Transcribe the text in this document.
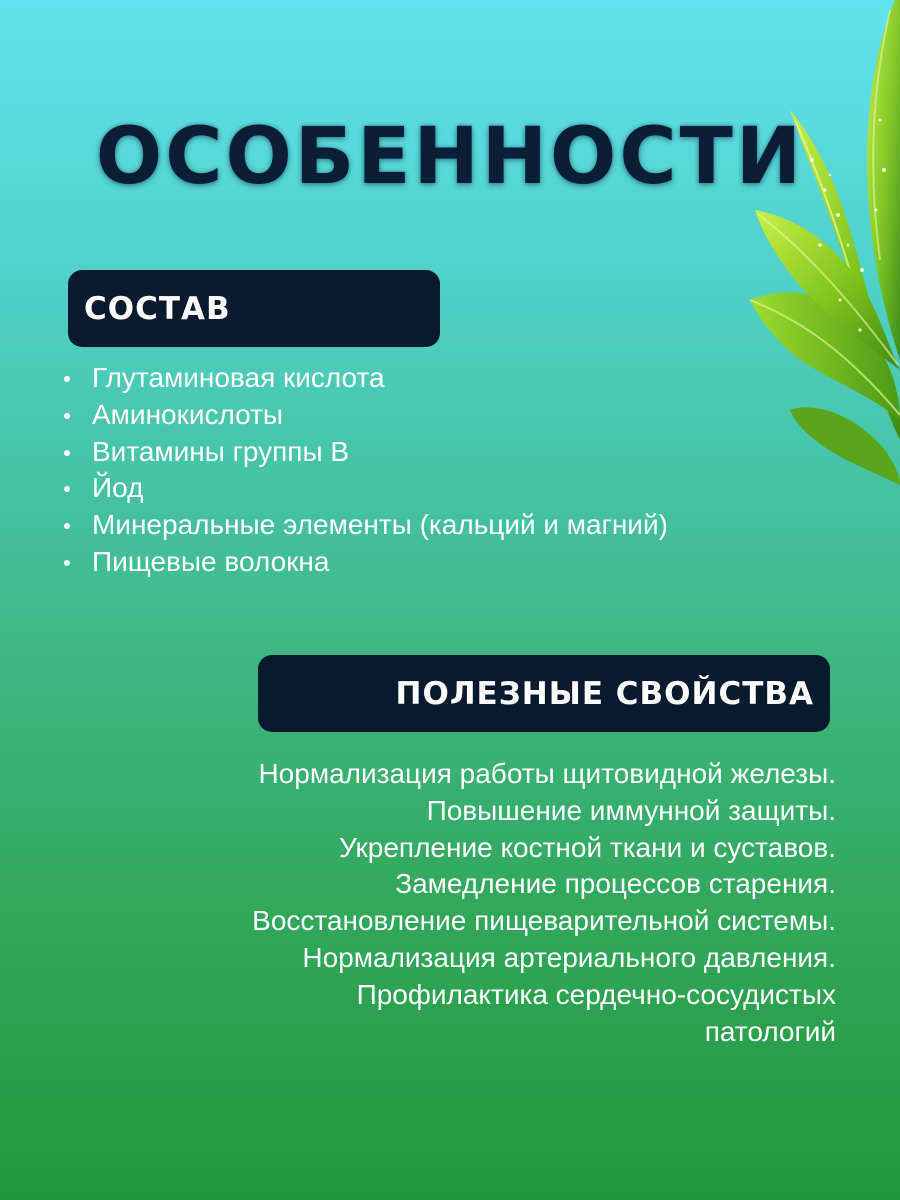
ОСОБЕННОСТИ
СОСТАВ
Глутаминовая кислота
Аминокислоты
Витамины группы В
Йод
Минеральные элементы (кальций и магний)
Пищевые волокна
ПОЛЕЗНЫЕ СВОЙСТВА
Нормализация работы щитовидной железы.
Повышение иммунной защиты.
Укрепление костной ткани и суставов.
Замедление процессов старения.
Восстановление пищеварительной системы.
Нормализация артериального давления.
Профилактика сердечно-сосудистых
патологий
